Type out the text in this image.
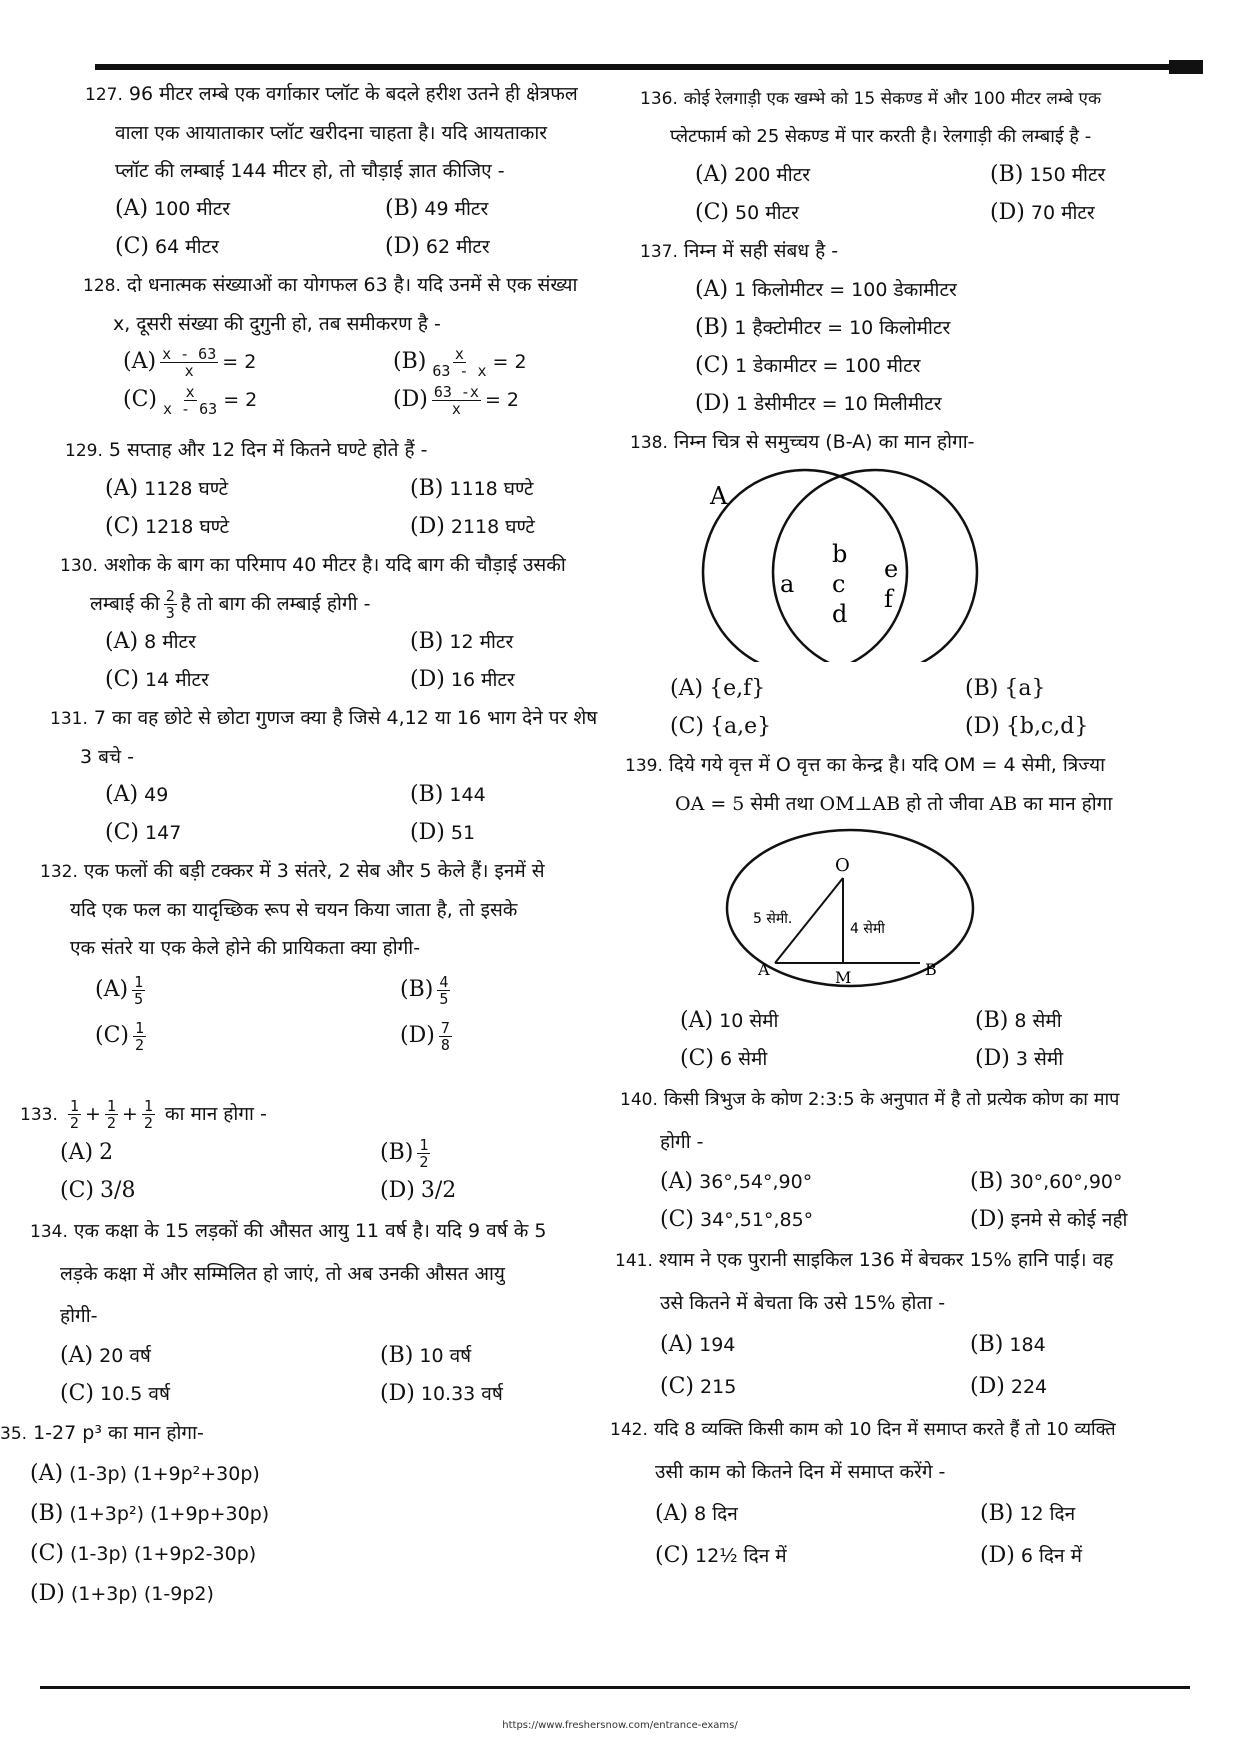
127. 96 मीटर लम्बे एक वर्गाकार प्लॉट के बदले हरीश उतने ही क्षेत्रफल
वाला एक आयाताकार प्लॉट खरीदना चाहता है। यदि आयताकार
प्लॉट की लम्बाई 144 मीटर हो, तो चौड़ाई ज्ञात कीजिए -
(A) 100 मीटर	(B) 49 मीटर
(C) 64 मीटर	(D) 62 मीटर
128. दो धनात्मक संख्याओं का योगफल 63 है। यदि उनमें से एक संख्या
x, दूसरी संख्या की दुगुनी हो, तब समीकरण है -
$(A) \frac{x - 63}{x} = 2$	$(B) \frac{x}{63 - x} = 2$
$(C) \frac{x}{x - 63} = 2$	$(D) \frac{63 -x}{x} = 2$
129. 5 सप्ताह और 12 दिन में कितने घण्टे होते हैं -
(A) 1128 घण्टे	(B) 1118 घण्टे
(C) 1218 घण्टे	(D) 2118 घण्टे
130. अशोक के बाग का परिमाप 40 मीटर है। यदि बाग की चौड़ाई उसकी
लम्बाई की $\frac{2}{3}$ है तो बाग की लम्बाई होगी -
(A) 8 मीटर	(B) 12 मीटर
(C) 14 मीटर	(D) 16 मीटर
131. 7 का वह छोटे से छोटा गुणज क्या है जिसे 4,12 या 16 भाग देने पर शेष
3 बचे -
(A) 49	(B) 144
(C) 147	(D) 51
132. एक फलों की बड़ी टक्कर में 3 संतरे, 2 सेब और 5 केले हैं। इनमें से
यदि एक फल का यादृच्छिक रूप से चयन किया जाता है, तो इसके
एक संतरे या एक केले होने की प्रायिकता क्या होगी-
$(A) \frac{1}{5}$	$(B) \frac{4}{5}$
$(C) \frac{1}{2}$	$(D) \frac{7}{8}$
133. $\frac{1}{2} + \frac{1}{2} + \frac{1}{2}$ का मान होगा -
(A) 2	$(B) \frac{1}{2}$
(C) 3/8	(D) 3/2
134. एक कक्षा के 15 लड़कों की औसत आयु 11 वर्ष है। यदि 9 वर्ष के 5
लड़के कक्षा में और सम्मिलित हो जाएं, तो अब उनकी औसत आयु
होगी-
(A) 20 वर्ष	(B) 10 वर्ष
(C) 10.5 वर्ष	(D) 10.33 वर्ष
35. 1-27 p³ का मान होगा-
(A) (1-3p) (1+9p²+30p)
(B) (1+3p²) (1+9p+30p)
(C) (1-3p) (1+9p2-30p)
(D) (1+3p) (1-9p2)
136. कोई रेलगाड़ी एक खम्भे को 15 सेकण्ड में और 100 मीटर लम्बे एक
प्लेटफार्म को 25 सेकण्ड में पार करती है। रेलगाड़ी की लम्बाई है -
(A) 200 मीटर	(B) 150 मीटर
(C) 50 मीटर	(D) 70 मीटर
137. निम्न में सही संबध है -
(A) 1 किलोमीटर = 100 डेकामीटर
(B) 1 हैक्टोमीटर = 10 किलोमीटर
(C) 1 डेकामीटर = 100 मीटर
(D) 1 डेसीमीटर = 10 मिलीमीटर
138. निम्न चित्र से समुच्चय (B-A) का मान होगा-
A
a
b
c
d
e
f
(A) {e,f}	(B) {a}
(C) {a,e}	(D) {b,c,d}
139. दिये गये वृत्त में O वृत्त का केन्द्र है। यदि OM = 4 सेमी, त्रिज्या
OA = 5 सेमी तथा OM⊥AB हो तो जीवा AB का मान होगा
O
A	M	B
5 सेमी.
4 सेमी
(A) 10 सेमी	(B) 8 सेमी
(C) 6 सेमी	(D) 3 सेमी
140. किसी त्रिभुज के कोण 2:3:5 के अनुपात में है तो प्रत्येक कोण का माप
होगी -
(A) 36°,54°,90°	(B) 30°,60°,90°
(C) 34°,51°,85°	(D) इनमे से कोई नही
141. श्याम ने एक पुरानी साइकिल 136 में बेचकर 15% हानि पाई। वह
उसे कितने में बेचता कि उसे 15% होता -
(A) 194	(B) 184
(C) 215	(D) 224
142. यदि 8 व्यक्ति किसी काम को 10 दिन में समाप्त करते हैं तो 10 व्यक्ति
उसी काम को कितने दिन में समाप्त करेंगे -
(A) 8 दिन	(B) 12 दिन
(C) 12½ दिन में	(D) 6 दिन में
https://www.freshersnow.com/entrance-exams/
